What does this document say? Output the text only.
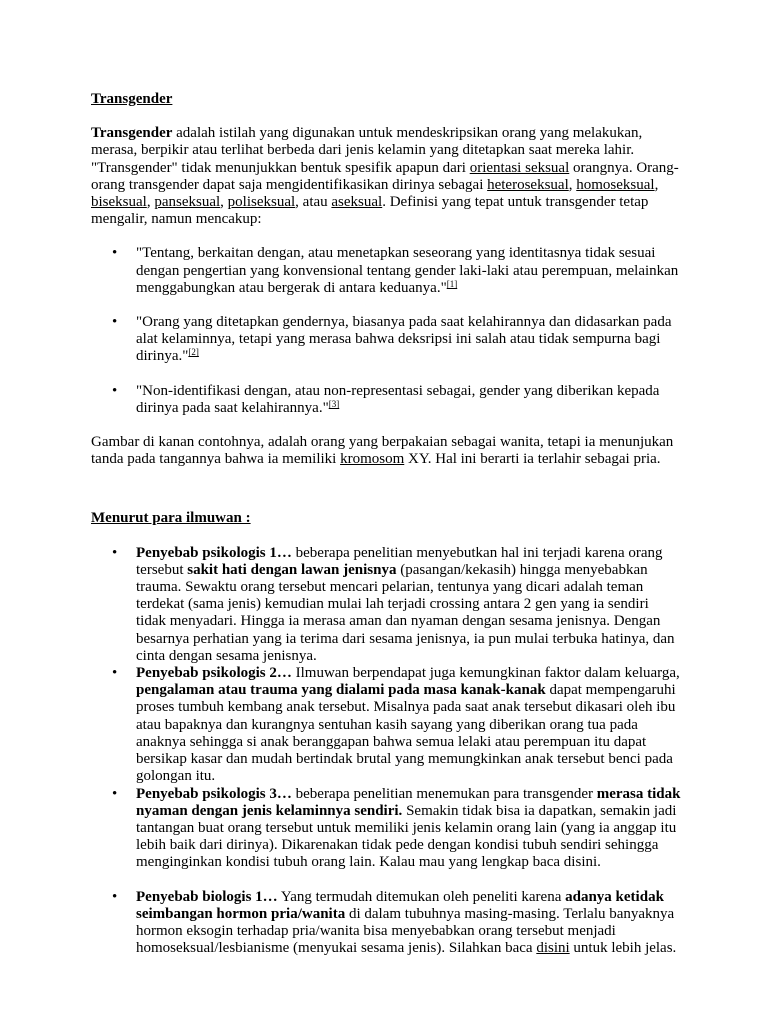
Transgender

Transgender adalah istilah yang digunakan untuk mendeskripsikan orang yang melakukan, merasa, berpikir atau terlihat berbeda dari jenis kelamin yang ditetapkan saat mereka lahir. "Transgender" tidak menunjukkan bentuk spesifik apapun dari orientasi seksual orangnya. Orang-orang transgender dapat saja mengidentifikasikan dirinya sebagai heteroseksual, homoseksual, biseksual, panseksual, poliseksual, atau aseksual. Definisi yang tepat untuk transgender tetap mengalir, namun mencakup:

• "Tentang, berkaitan dengan, atau menetapkan seseorang yang identitasnya tidak sesuai dengan pengertian yang konvensional tentang gender laki-laki atau perempuan, melainkan menggabungkan atau bergerak di antara keduanya."[1]
• "Orang yang ditetapkan gendernya, biasanya pada saat kelahirannya dan didasarkan pada alat kelaminnya, tetapi yang merasa bahwa deksripsi ini salah atau tidak sempurna bagi dirinya."[2]
• "Non-identifikasi dengan, atau non-representasi sebagai, gender yang diberikan kepada dirinya pada saat kelahirannya."[3]

Gambar di kanan contohnya, adalah orang yang berpakaian sebagai wanita, tetapi ia menunjukan tanda pada tangannya bahwa ia memiliki kromosom XY. Hal ini berarti ia terlahir sebagai pria.

Menurut para ilmuwan :

• Penyebab psikologis 1… beberapa penelitian menyebutkan hal ini terjadi karena orang tersebut sakit hati dengan lawan jenisnya (pasangan/kekasih) hingga menyebabkan trauma. Sewaktu orang tersebut mencari pelarian, tentunya yang dicari adalah teman terdekat (sama jenis) kemudian mulai lah terjadi crossing antara 2 gen yang ia sendiri tidak menyadari. Hingga ia merasa aman dan nyaman dengan sesama jenisnya. Dengan besarnya perhatian yang ia terima dari sesama jenisnya, ia pun mulai terbuka hatinya, dan cinta dengan sesama jenisnya.
• Penyebab psikologis 2… Ilmuwan berpendapat juga kemungkinan faktor dalam keluarga, pengalaman atau trauma yang dialami pada masa kanak-kanak dapat mempengaruhi proses tumbuh kembang anak tersebut. Misalnya pada saat anak tersebut dikasari oleh ibu atau bapaknya dan kurangnya sentuhan kasih sayang yang diberikan orang tua pada anaknya sehingga si anak beranggapan bahwa semua lelaki atau perempuan itu dapat bersikap kasar dan mudah bertindak brutal yang memungkinkan anak tersebut benci pada golongan itu.
• Penyebab psikologis 3… beberapa penelitian menemukan para transgender merasa tidak nyaman dengan jenis kelaminnya sendiri. Semakin tidak bisa ia dapatkan, semakin jadi tantangan buat orang tersebut untuk memiliki jenis kelamin orang lain (yang ia anggap itu lebih baik dari dirinya). Dikarenakan tidak pede dengan kondisi tubuh sendiri sehingga menginginkan kondisi tubuh orang lain. Kalau mau yang lengkap baca disini.
• Penyebab biologis 1… Yang termudah ditemukan oleh peneliti karena adanya ketidak seimbangan hormon pria/wanita di dalam tubuhnya masing-masing. Terlalu banyaknya hormon eksogin terhadap pria/wanita bisa menyebabkan orang tersebut menjadi homoseksual/lesbianisme (menyukai sesama jenis). Silahkan baca disini untuk lebih jelas.
